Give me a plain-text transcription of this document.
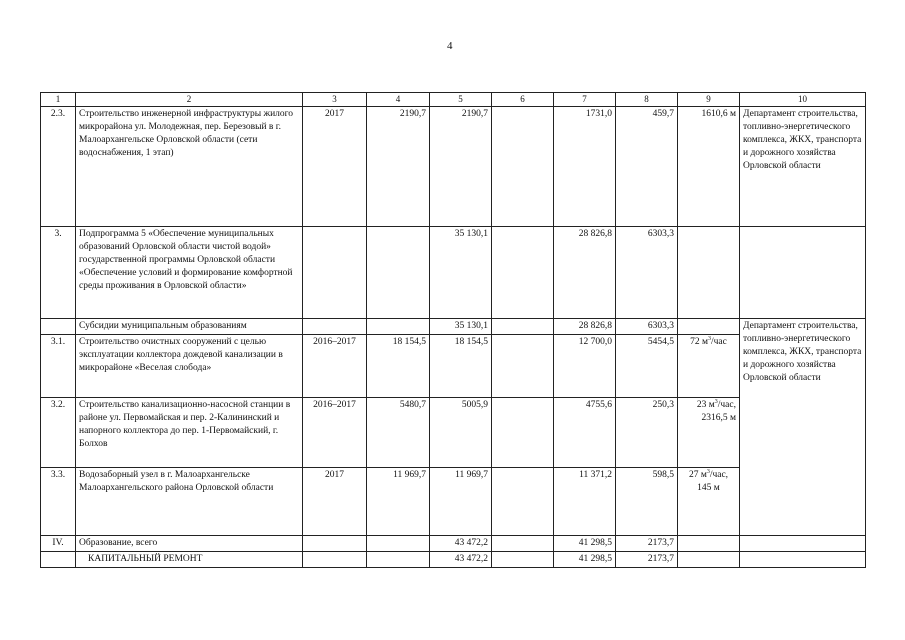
4
1	2	3	4	5	6	7	8	9	10
2.3.	Строительство инженерной инфраструктуры жилого микрорайона ул. Молодежная, пер. Березовый в г. Малоархангельске Орловской области (сети водоснабжения, 1 этап)	2017	2190,7	2190,7		1731,0	459,7	1610,6 м	Департамент строительства, топливно-энергетического комплекса, ЖКХ, транспорта и дорожного хозяйства Орловской области
3.	Подпрограмма 5 «Обеспечение муниципальных образований Орловской области чистой водой» государственной программы Орловской области «Обеспечение условий и формирование комфортной среды проживания в Орловской области»			35 130,1		28 826,8	6303,3		
	Субсидии муниципальным образованиям			35 130,1		28 826,8	6303,3		Департамент строительства, топливно-энергетического комплекса, ЖКХ, транспорта и дорожного хозяйства Орловской области
3.1.	Строительство очистных сооружений с целью эксплуатации коллектора дождевой канализации в микрорайоне «Веселая слобода»	2016–2017	18 154,5	18 154,5		12 700,0	5454,5	72 $м^3$/час	
3.2.	Строительство канализационно-насосной станции в районе ул. Первомайская и пер. 2-Калининский и напорного коллектора до пер. 1-Первомайский, г. Болхов	2016–2017	5480,7	5005,9		4755,6	250,3	23 $м^3$/час,
2316,5 м	
3.3.	Водозаборный узел в г. Малоархангельске Малоархангельского района Орловской области	2017	11 969,7	11 969,7		11 371,2	598,5	27 $м^3$/час,
145 м	
IV.	Образование, всего			43 472,2		41 298,5	2173,7		
	КАПИТАЛЬНЫЙ РЕМОНТ			43 472,2		41 298,5	2173,7		
